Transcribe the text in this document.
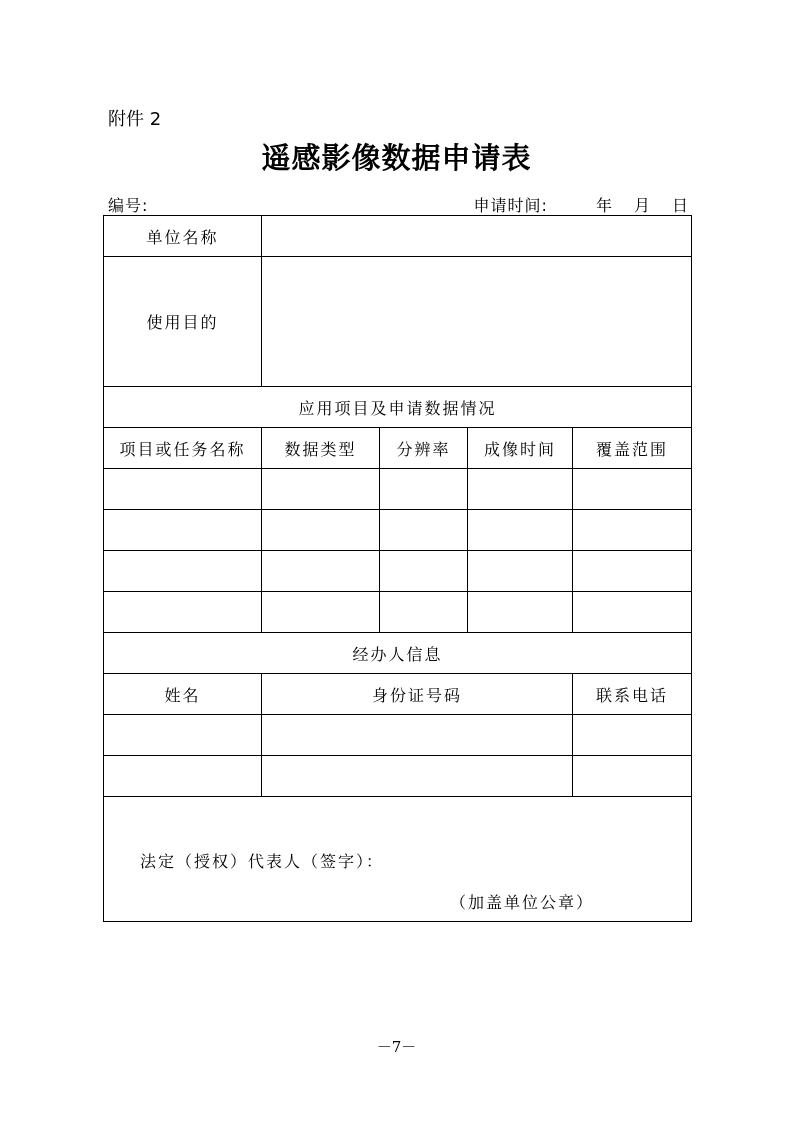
附件 2
遥感影像数据申请表
编号:	申请时间:	年 月 日
单位名称				
使用目的				
应用项目及申请数据情况				
项目或任务名称	数据类型	分辨率	成像时间	覆盖范围

经办人信息				
姓名	身份证号码			联系电话

法定（授权）代表人（签字）：
（加盖单位公章）				
－7－
